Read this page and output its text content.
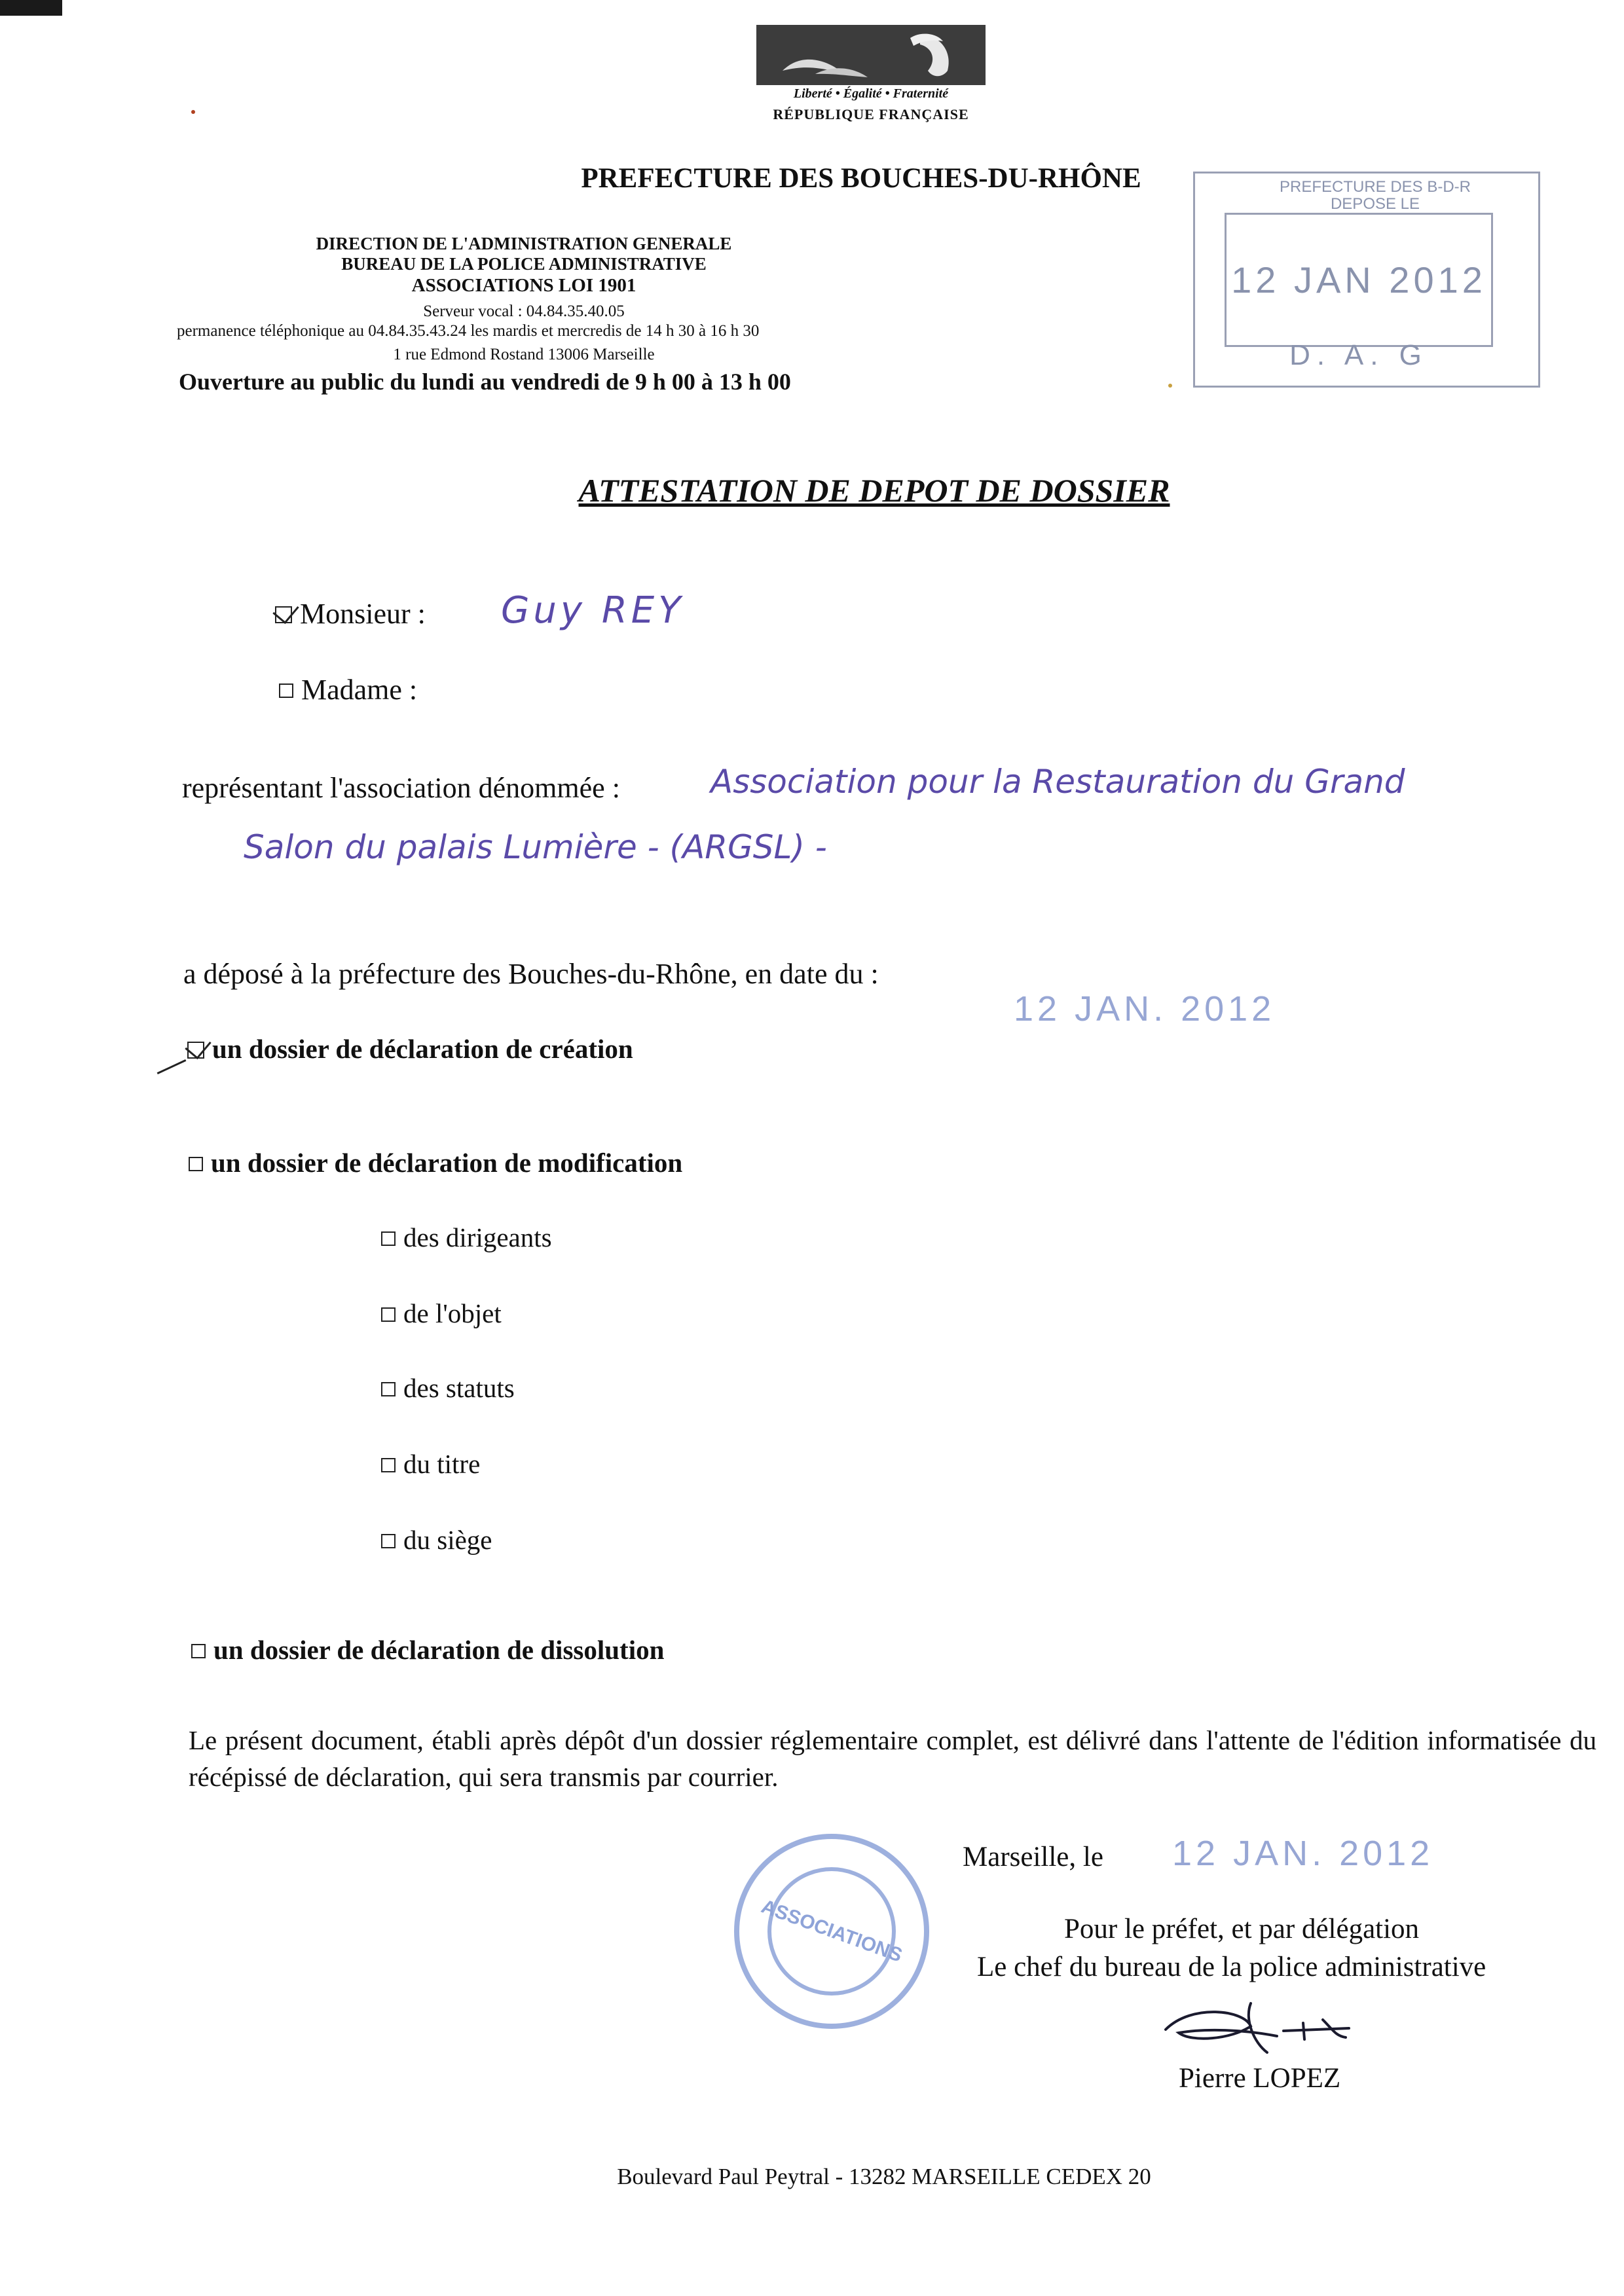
Liberté • Égalité • Fraternité
RÉPUBLIQUE FRANÇAISE
PREFECTURE DES BOUCHES-DU-RHÔNE
DIRECTION DE L'ADMINISTRATION GENERALE
BUREAU DE LA POLICE ADMINISTRATIVE
ASSOCIATIONS LOI 1901
Serveur vocal : 04.84.35.40.05
permanence téléphonique au 04.84.35.43.24 les mardis et mercredis de 14 h 30 à 16 h 30
1 rue Edmond Rostand 13006 Marseille
Ouverture au public du lundi au vendredi de 9 h 00 à 13 h 00
PREFECTURE DES B-D-R
DEPOSE LE
12 JAN 2012
D. A. G
ATTESTATION DE DEPOT DE DOSSIER
Monsieur : Guy REY
Madame :
représentant l'association dénommée :	Association pour la Restauration du Grand
Salon du palais Lumière - (ARGSL) -
a déposé à la préfecture des Bouches-du-Rhône, en date du :
12 JAN. 2012
un dossier de déclaration de création
un dossier de déclaration de modification
des dirigeants
de l'objet
des statuts
du titre
du siège
un dossier de déclaration de dissolution
Le présent document, établi après dépôt d'un dossier réglementaire complet, est délivré dans l'attente de l'édition informatisée du récépissé de déclaration, qui sera transmis par courrier.
Marseille, le 12 JAN. 2012
Pour le préfet, et par délégation
Le chef du bureau de la police administrative
Pierre LOPEZ
ASSOCIATIONS
Boulevard Paul Peytral - 13282 MARSEILLE CEDEX 20
